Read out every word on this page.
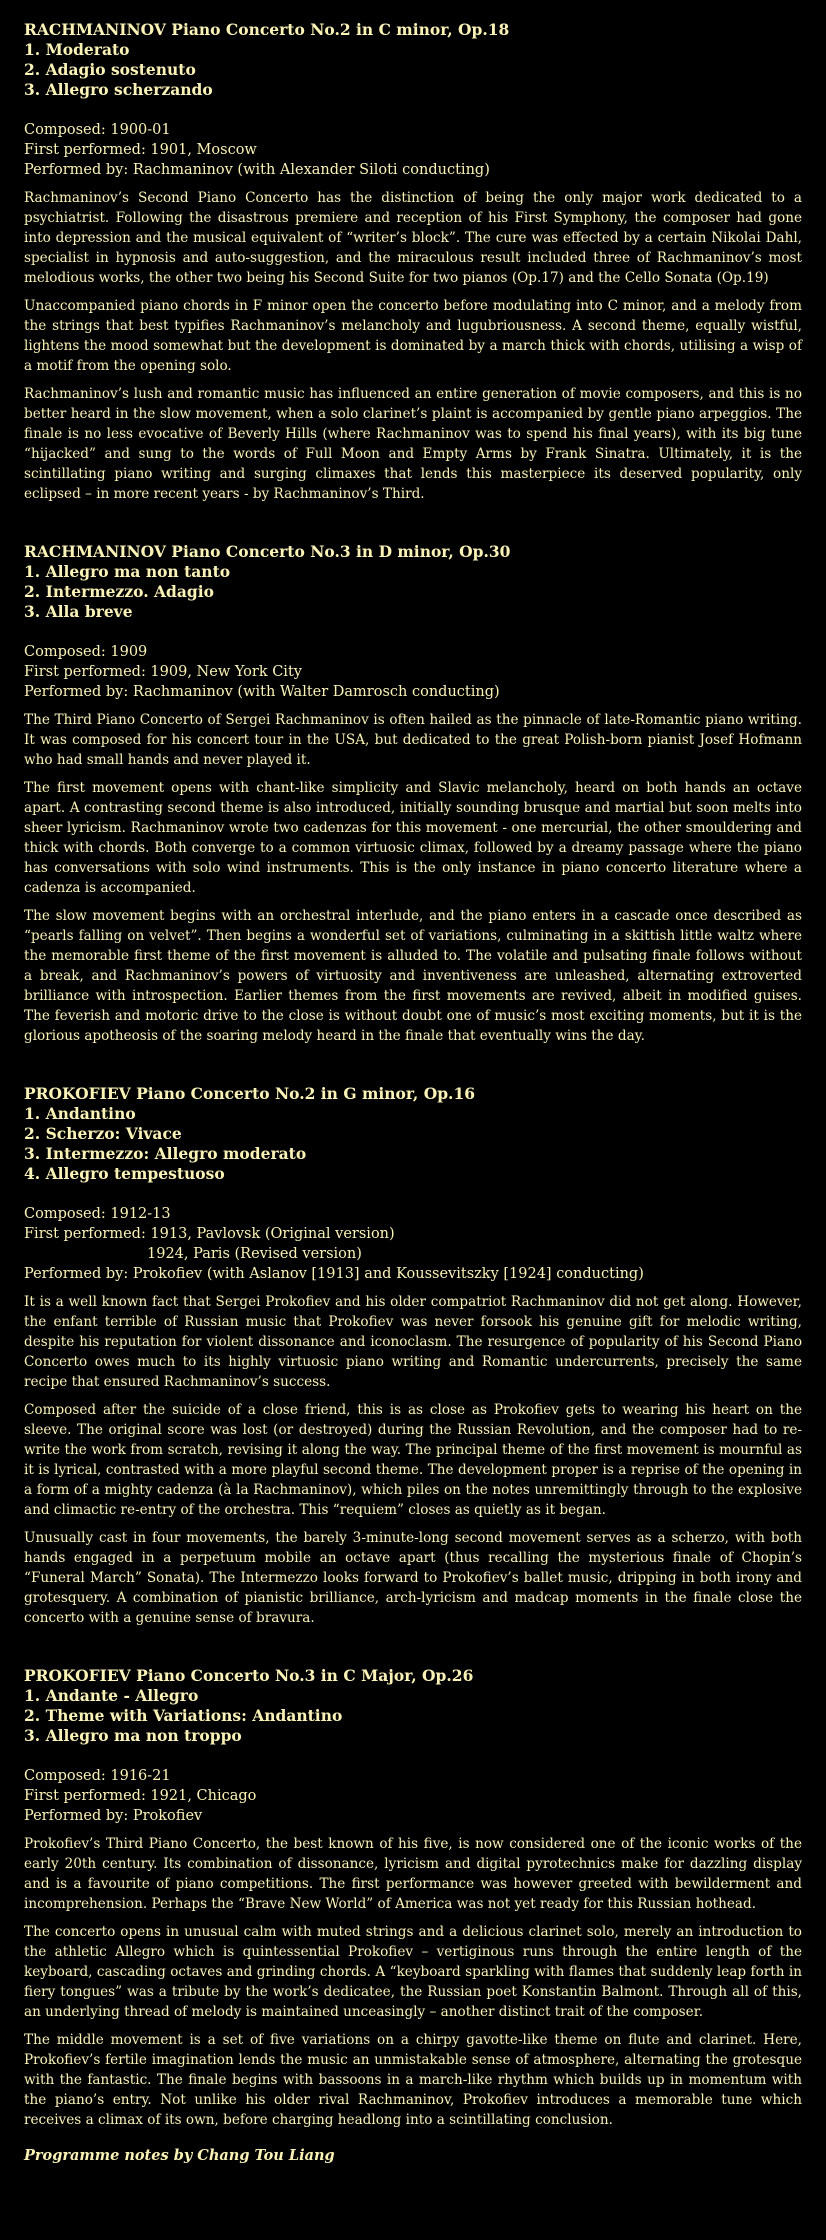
RACHMANINOV Piano Concerto No.2 in C minor, Op.18
1. Moderato
2. Adagio sostenuto
3. Allegro scherzando
Composed: 1900-01
First performed: 1901, Moscow
Performed by: Rachmaninov (with Alexander Siloti conducting)

Rachmaninov’s Second Piano Concerto has the distinction of being the only major work dedicated to a psychiatrist. Following the disastrous premiere and reception of his First Symphony, the composer had gone into depression and the musical equivalent of “writer’s block”. The cure was effected by a certain Nikolai Dahl, specialist in hypnosis and auto-suggestion, and the miraculous result included three of Rachmaninov’s most melodious works, the other two being his Second Suite for two pianos (Op.17) and the Cello Sonata (Op.19)

Unaccompanied piano chords in F minor open the concerto before modulating into C minor, and a melody from the strings that best typifies Rachmaninov’s melancholy and lugubriousness. A second theme, equally wistful, lightens the mood somewhat but the development is dominated by a march thick with chords, utilising a wisp of a motif from the opening solo.

Rachmaninov’s lush and romantic music has influenced an entire generation of movie composers, and this is no better heard in the slow movement, when a solo clarinet’s plaint is accompanied by gentle piano arpeggios. The finale is no less evocative of Beverly Hills (where Rachmaninov was to spend his final years), with its big tune “hijacked” and sung to the words of Full Moon and Empty Arms by Frank Sinatra. Ultimately, it is the scintillating piano writing and surging climaxes that lends this masterpiece its deserved popularity, only eclipsed – in more recent years - by Rachmaninov’s Third.

RACHMANINOV Piano Concerto No.3 in D minor, Op.30
1. Allegro ma non tanto
2. Intermezzo. Adagio
3. Alla breve
Composed: 1909
First performed: 1909, New York City
Performed by: Rachmaninov (with Walter Damrosch conducting)

The Third Piano Concerto of Sergei Rachmaninov is often hailed as the pinnacle of late-Romantic piano writing. It was composed for his concert tour in the USA, but dedicated to the great Polish-born pianist Josef Hofmann who had small hands and never played it.

The first movement opens with chant-like simplicity and Slavic melancholy, heard on both hands an octave apart. A contrasting second theme is also introduced, initially sounding brusque and martial but soon melts into sheer lyricism. Rachmaninov wrote two cadenzas for this movement - one mercurial, the other smouldering and thick with chords. Both converge to a common virtuosic climax, followed by a dreamy passage where the piano has conversations with solo wind instruments. This is the only instance in piano concerto literature where a cadenza is accompanied.

The slow movement begins with an orchestral interlude, and the piano enters in a cascade once described as “pearls falling on velvet”. Then begins a wonderful set of variations, culminating in a skittish little waltz where the memorable first theme of the first movement is alluded to. The volatile and pulsating finale follows without a break, and Rachmaninov’s powers of virtuosity and inventiveness are unleashed, alternating extroverted brilliance with introspection. Earlier themes from the first movements are revived, albeit in modified guises. The feverish and motoric drive to the close is without doubt one of music’s most exciting moments, but it is the glorious apotheosis of the soaring melody heard in the finale that eventually wins the day.

PROKOFIEV Piano Concerto No.2 in G minor, Op.16
1. Andantino
2. Scherzo: Vivace
3. Intermezzo: Allegro moderato
4. Allegro tempestuoso
Composed: 1912-13
First performed: 1913, Pavlovsk (Original version)
1924, Paris (Revised version)
Performed by: Prokofiev (with Aslanov [1913] and Koussevitszky [1924] conducting)

It is a well known fact that Sergei Prokofiev and his older compatriot Rachmaninov did not get along. However, the enfant terrible of Russian music that Prokofiev was never forsook his genuine gift for melodic writing, despite his reputation for violent dissonance and iconoclasm. The resurgence of popularity of his Second Piano Concerto owes much to its highly virtuosic piano writing and Romantic undercurrents, precisely the same recipe that ensured Rachmaninov’s success.

Composed after the suicide of a close friend, this is as close as Prokofiev gets to wearing his heart on the sleeve. The original score was lost (or destroyed) during the Russian Revolution, and the composer had to re-write the work from scratch, revising it along the way. The principal theme of the first movement is mournful as it is lyrical, contrasted with a more playful second theme. The development proper is a reprise of the opening in a form of a mighty cadenza (à la Rachmaninov), which piles on the notes unremittingly through to the explosive and climactic re-entry of the orchestra. This “requiem” closes as quietly as it began.

Unusually cast in four movements, the barely 3-minute-long second movement serves as a scherzo, with both hands engaged in a perpetuum mobile an octave apart (thus recalling the mysterious finale of Chopin’s “Funeral March” Sonata). The Intermezzo looks forward to Prokofiev’s ballet music, dripping in both irony and grotesquery. A combination of pianistic brilliance, arch-lyricism and madcap moments in the finale close the concerto with a genuine sense of bravura.

PROKOFIEV Piano Concerto No.3 in C Major, Op.26
1. Andante - Allegro
2. Theme with Variations: Andantino
3. Allegro ma non troppo
Composed: 1916-21
First performed: 1921, Chicago
Performed by: Prokofiev

Prokofiev’s Third Piano Concerto, the best known of his five, is now considered one of the iconic works of the early 20th century. Its combination of dissonance, lyricism and digital pyrotechnics make for dazzling display and is a favourite of piano competitions. The first performance was however greeted with bewilderment and incomprehension. Perhaps the “Brave New World” of America was not yet ready for this Russian hothead.

The concerto opens in unusual calm with muted strings and a delicious clarinet solo, merely an introduction to the athletic Allegro which is quintessential Prokofiev – vertiginous runs through the entire length of the keyboard, cascading octaves and grinding chords. A “keyboard sparkling with flames that suddenly leap forth in fiery tongues” was a tribute by the work’s dedicatee, the Russian poet Konstantin Balmont. Through all of this, an underlying thread of melody is maintained unceasingly – another distinct trait of the composer.

The middle movement is a set of five variations on a chirpy gavotte-like theme on flute and clarinet. Here, Prokofiev’s fertile imagination lends the music an unmistakable sense of atmosphere, alternating the grotesque with the fantastic. The finale begins with bassoons in a march-like rhythm which builds up in momentum with the piano’s entry. Not unlike his older rival Rachmaninov, Prokofiev introduces a memorable tune which receives a climax of its own, before charging headlong into a scintillating conclusion.

Programme notes by Chang Tou Liang
